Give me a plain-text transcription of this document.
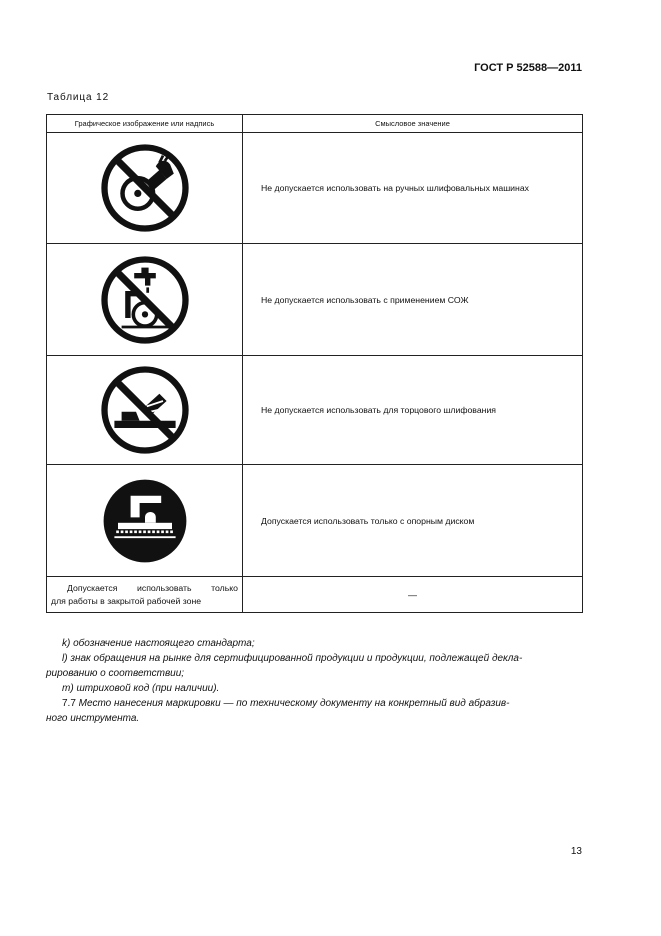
ГОСТ Р 52588—2011
Таблица 12
Графическое изображение или надпись	Смысловое значение
	Не допускается использовать на ручных шлифовальных машинах
	Не допускается использовать с применением СОЖ
	Не допускается использовать для торцового шлифования
	Допускается использовать только с опорным диском

Допускается использовать только
для работы в закрытой рабочей зоне	—

k) обозначение настоящего стандарта;

l) знак обращения на рынке для сертифицированной продукции и продукции, подлежащей декла-

рированию о соответствии;

m) штриховой код (при наличии).

7.7 Место нанесения маркировки — по техническому документу на конкретный вид абразив-

ного инструмента.

13
